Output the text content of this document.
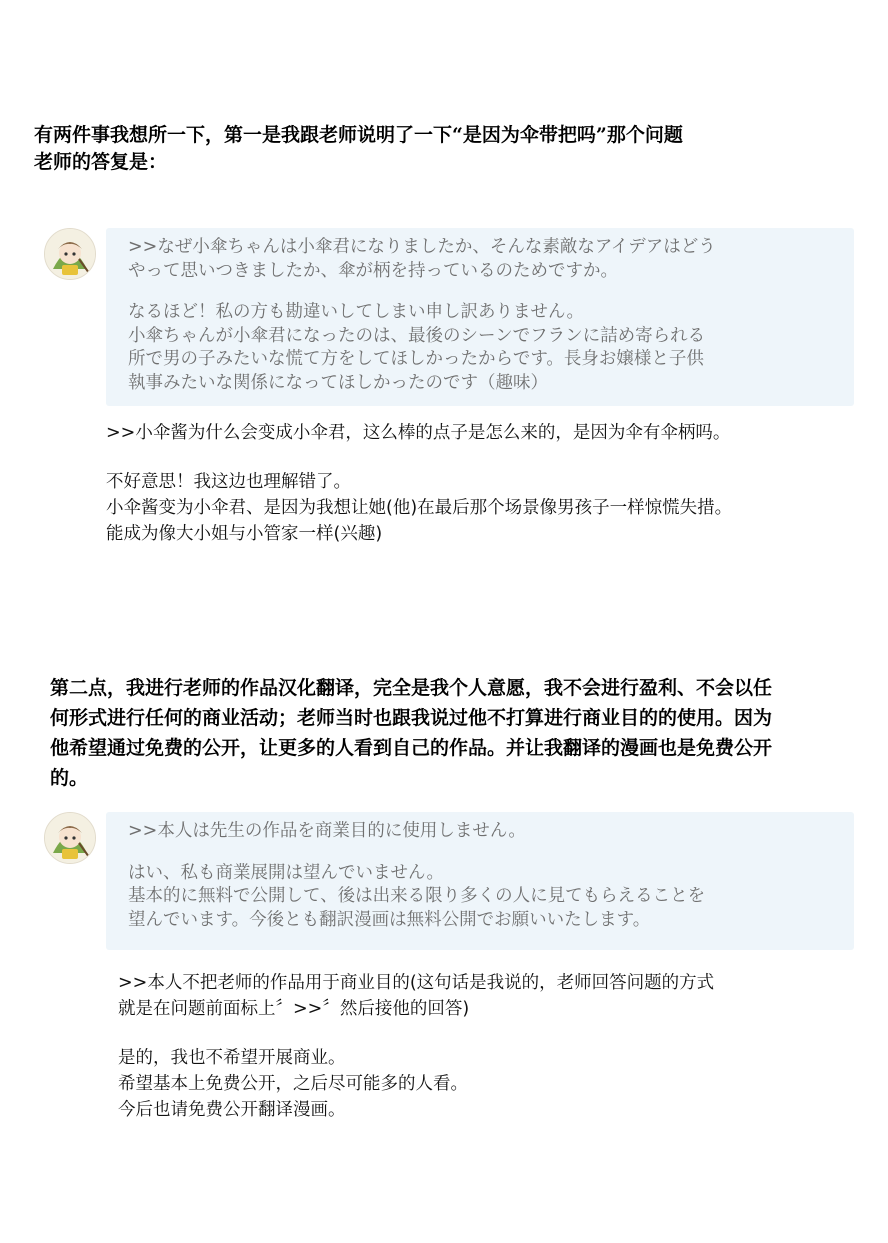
有两件事我想所一下，第一是我跟老师说明了一下“是因为伞带把吗”那个问题
老师的答复是：
>>なぜ小傘ちゃんは小傘君になりましたか、そんな素敵なアイデアはどう
やって思いつきましたか、傘が柄を持っているのためですか。
なるほど！私の方も勘違いしてしまい申し訳ありません。
小傘ちゃんが小傘君になったのは、最後のシーンでフランに詰め寄られる
所で男の子みたいな慌て方をしてほしかったからです。長身お嬢様と子供
執事みたいな関係になってほしかったのです（趣味）
>>小伞酱为什么会变成小伞君，这么棒的点子是怎么来的，是因为伞有伞柄吗。
不好意思！我这边也理解错了。
小伞酱变为小伞君、是因为我想让她(他)在最后那个场景像男孩子一样惊慌失措。
能成为像大小姐与小管家一样(兴趣)
第二点，我进行老师的作品汉化翻译，完全是我个人意愿，我不会进行盈利、不会以任
何形式进行任何的商业活动；老师当时也跟我说过他不打算进行商业目的的使用。因为
他希望通过免费的公开，让更多的人看到自己的作品。并让我翻译的漫画也是免费公开
的。
>>本人は先生の作品を商業目的に使用しません。
はい、私も商業展開は望んでいません。
基本的に無料で公開して、後は出来る限り多くの人に見てもらえることを
望んでいます。今後とも翻訳漫画は無料公開でお願いいたします。
>>本人不把老师的作品用于商业目的(这句话是我说的，老师回答问题的方式
就是在问题前面标上〞>>〞然后接他的回答)
是的，我也不希望开展商业。
希望基本上免费公开，之后尽可能多的人看。
今后也请免费公开翻译漫画。
